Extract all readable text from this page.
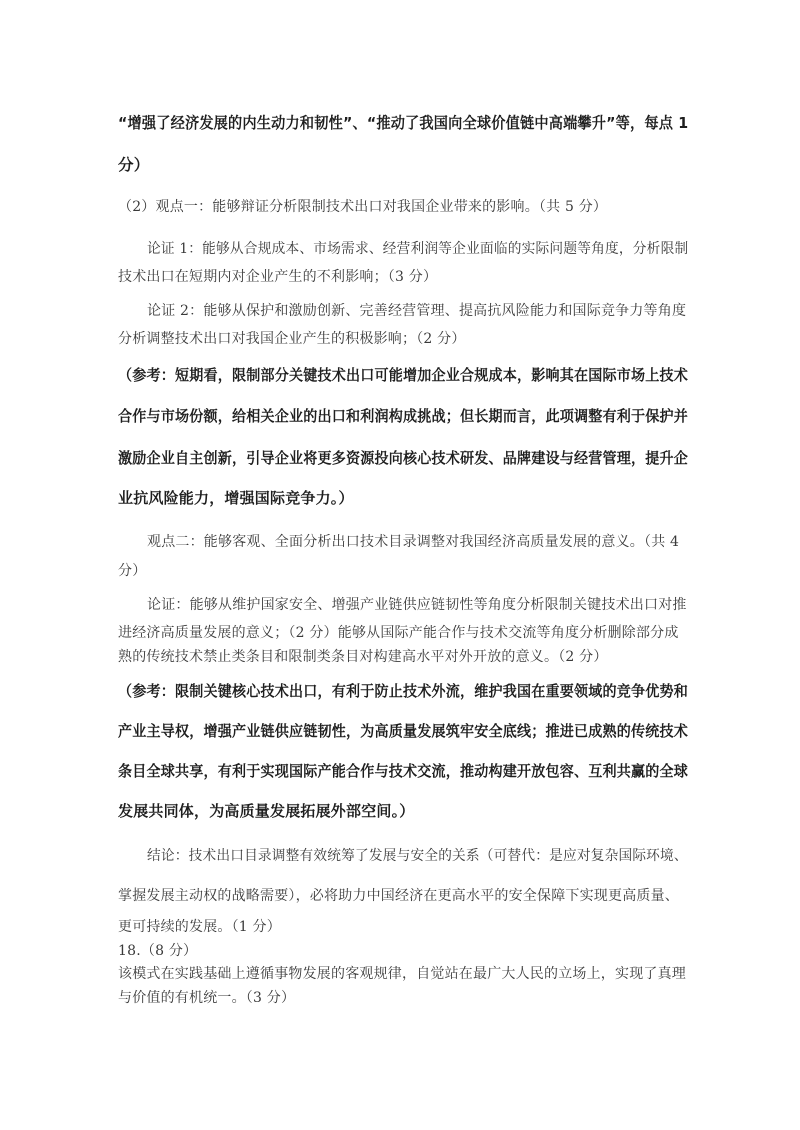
“增强了经济发展的内生动力和韧性”、“推动了我国向全球价值链中高端攀升”等，每点 1
分）
（2）观点一：能够辩证分析限制技术出口对我国企业带来的影响。（共 5 分）
论证 1：能够从合规成本、市场需求、经营利润等企业面临的实际问题等角度，分析限制
技术出口在短期内对企业产生的不利影响；（3 分）
论证 2：能够从保护和激励创新、完善经营管理、提高抗风险能力和国际竞争力等角度
分析调整技术出口对我国企业产生的积极影响；（2 分）
（参考：短期看，限制部分关键技术出口可能增加企业合规成本，影响其在国际市场上技术
合作与市场份额，给相关企业的出口和利润构成挑战；但长期而言，此项调整有利于保护并
激励企业自主创新，引导企业将更多资源投向核心技术研发、品牌建设与经营管理，提升企
业抗风险能力，增强国际竞争力。）
观点二：能够客观、全面分析出口技术目录调整对我国经济高质量发展的意义。（共 4
分）
论证：能够从维护国家安全、增强产业链供应链韧性等角度分析限制关键技术出口对推
进经济高质量发展的意义；（2 分）能够从国际产能合作与技术交流等角度分析删除部分成
熟的传统技术禁止类条目和限制类条目对构建高水平对外开放的意义。（2 分）
（参考：限制关键核心技术出口，有利于防止技术外流，维护我国在重要领域的竞争优势和
产业主导权，增强产业链供应链韧性，为高质量发展筑牢安全底线；推进已成熟的传统技术
条目全球共享，有利于实现国际产能合作与技术交流，推动构建开放包容、互利共赢的全球
发展共同体，为高质量发展拓展外部空间。）
结论：技术出口目录调整有效统筹了发展与安全的关系（可替代：是应对复杂国际环境、
掌握发展主动权的战略需要），必将助力中国经济在更高水平的安全保障下实现更高质量、
更可持续的发展。（1 分）
18.（8 分）
该模式在实践基础上遵循事物发展的客观规律，自觉站在最广大人民的立场上，实现了真理
与价值的有机统一。（3 分）
